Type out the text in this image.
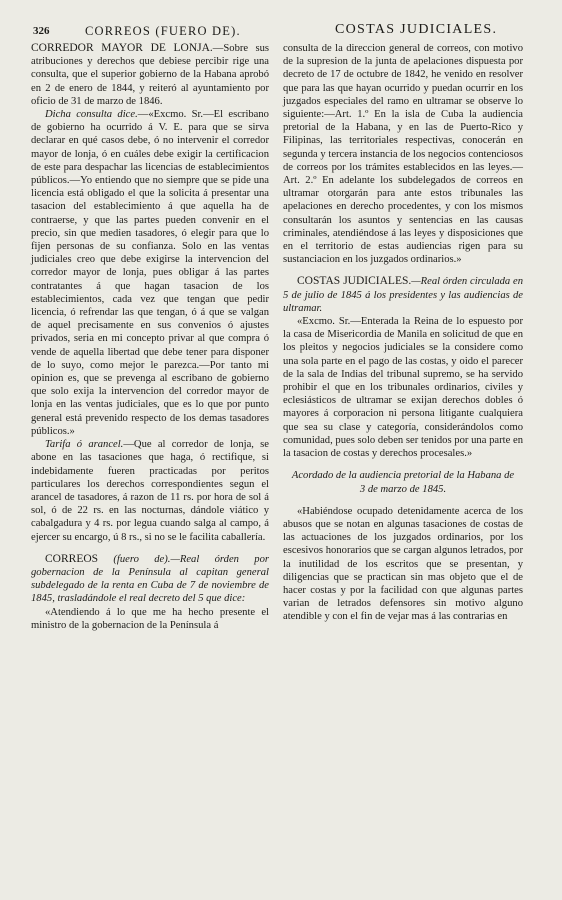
326	CORREOS (FUERO DE).	COSTAS JUDICIALES.

CORREDOR MAYOR DE LONJA.—Sobre sus atribuciones y derechos que debiese percibir rige una consulta, que el superior gobierno de la Habana aprobó en 2 de enero de 1844, y reiteró al ayuntamiento por oficio de 31 de marzo de 1846.

Dicha consulta dice.—«Excmo. Sr.—El escribano de gobierno ha ocurrido á V. E. para que se sirva declarar en qué casos debe, ó no intervenir el corredor mayor de lonja, ó en cuáles debe exigir la certificacion de este para despachar las licencias de establecimientos públicos.—Yo entiendo que no siempre que se pide una licencia está obligado el que la solicita á presentar una tasacion del establecimiento á que aquella ha de contraerse, y que las partes pueden convenir en el precio, sin que medien tasadores, ó elegir para que lo fijen personas de su confianza. Solo en las ventas judiciales creo que debe exigirse la intervencion del corredor mayor de lonja, pues obligar á las partes contratantes á que hagan tasacion de los establecimientos, cada vez que tengan que pedir licencia, ó refrendar las que tengan, ó á que se valgan de aquel precisamente en sus convenios ó ajustes privados, seria en mi concepto privar al que compra ó vende de aquella libertad que debe tener para disponer de lo suyo, como mejor le parezca.—Por tanto mi opinion es, que se prevenga al escribano de gobierno que solo exija la intervencion del corredor mayor de lonja en las ventas judiciales, que es lo que por punto general está prevenido respecto de los demas tasadores públicos.»

Tarifa ó arancel.—Que al corredor de lonja, se abone en las tasaciones que haga, ó rectifique, si indebidamente fueren practicadas por peritos particulares los derechos correspondientes segun el arancel de tasadores, á razon de 11 rs. por hora de sol á sol, ó de 22 rs. en las nocturnas, dándole viático y cabalgadura y 4 rs. por legua cuando salga al campo, á ejercer su encargo, ú 8 rs., si no se le facilita caballería.

CORREOS (fuero de).—Real órden por gobernacion de la Península al capitan general subdelegado de la renta en Cuba de 7 de noviembre de 1845, trasladándole el real decreto del 5 que dice:

«Atendiendo á lo que me ha hecho presente el ministro de la gobernacion de la Península á

consulta de la direccion general de correos, con motivo de la supresion de la junta de apelaciones dispuesta por decreto de 17 de octubre de 1842, he venido en resolver que para las que hayan ocurrido y puedan ocurrir en los juzgados especiales del ramo en ultramar se observe lo siguiente:—Art. 1.º En la isla de Cuba la audiencia pretorial de la Habana, y en las de Puerto-Rico y Filipinas, las territoriales respectivas, conocerán en segunda y tercera instancia de los negocios contenciosos de correos por los trámites establecidos en las leyes.—Art. 2.º En adelante los subdelegados de correos en ultramar otorgarán para ante estos tribunales las apelaciones en derecho procedentes, y con los mismos consultarán los asuntos y sentencias en las causas criminales, atendiéndose á las leyes y disposiciones que en el territorio de estas audiencias rigen para su sustanciacion en los juzgados ordinarios.»

COSTAS JUDICIALES.—Real órden circulada en 5 de julio de 1845 á los presidentes y las audiencias de ultramar.

«Excmo. Sr.—Enterada la Reina de lo espuesto por la casa de Misericordia de Manila en solicitud de que en los pleitos y negocios judiciales se la considere como una sola parte en el pago de las costas, y oido el parecer de la sala de Indias del tribunal supremo, se ha servido prohibir el que en los tribunales ordinarios, civiles y eclesiásticos de ultramar se exijan derechos dobles ó mayores á corporacion ni persona litigante cualquiera que sea su clase y categoría, considerándolos como comunidad, pues solo deben ser tenidos por una parte en la tasacion de costas y derechos procesales.»

Acordado de la audiencia pretorial de la Habana de 3 de marzo de 1845.

«Habiéndose ocupado detenidamente acerca de los abusos que se notan en algunas tasaciones de costas de las actuaciones de los juzgados ordinarios, por los escesivos honorarios que se cargan algunos letrados, por la inutilidad de los escritos que se presentan, y diligencias que se practican sin mas objeto que el de hacer costas y por la facilidad con que algunas partes varian de letrados defensores sin motivo alguno atendible y con el fin de vejar mas á las contrarias en
